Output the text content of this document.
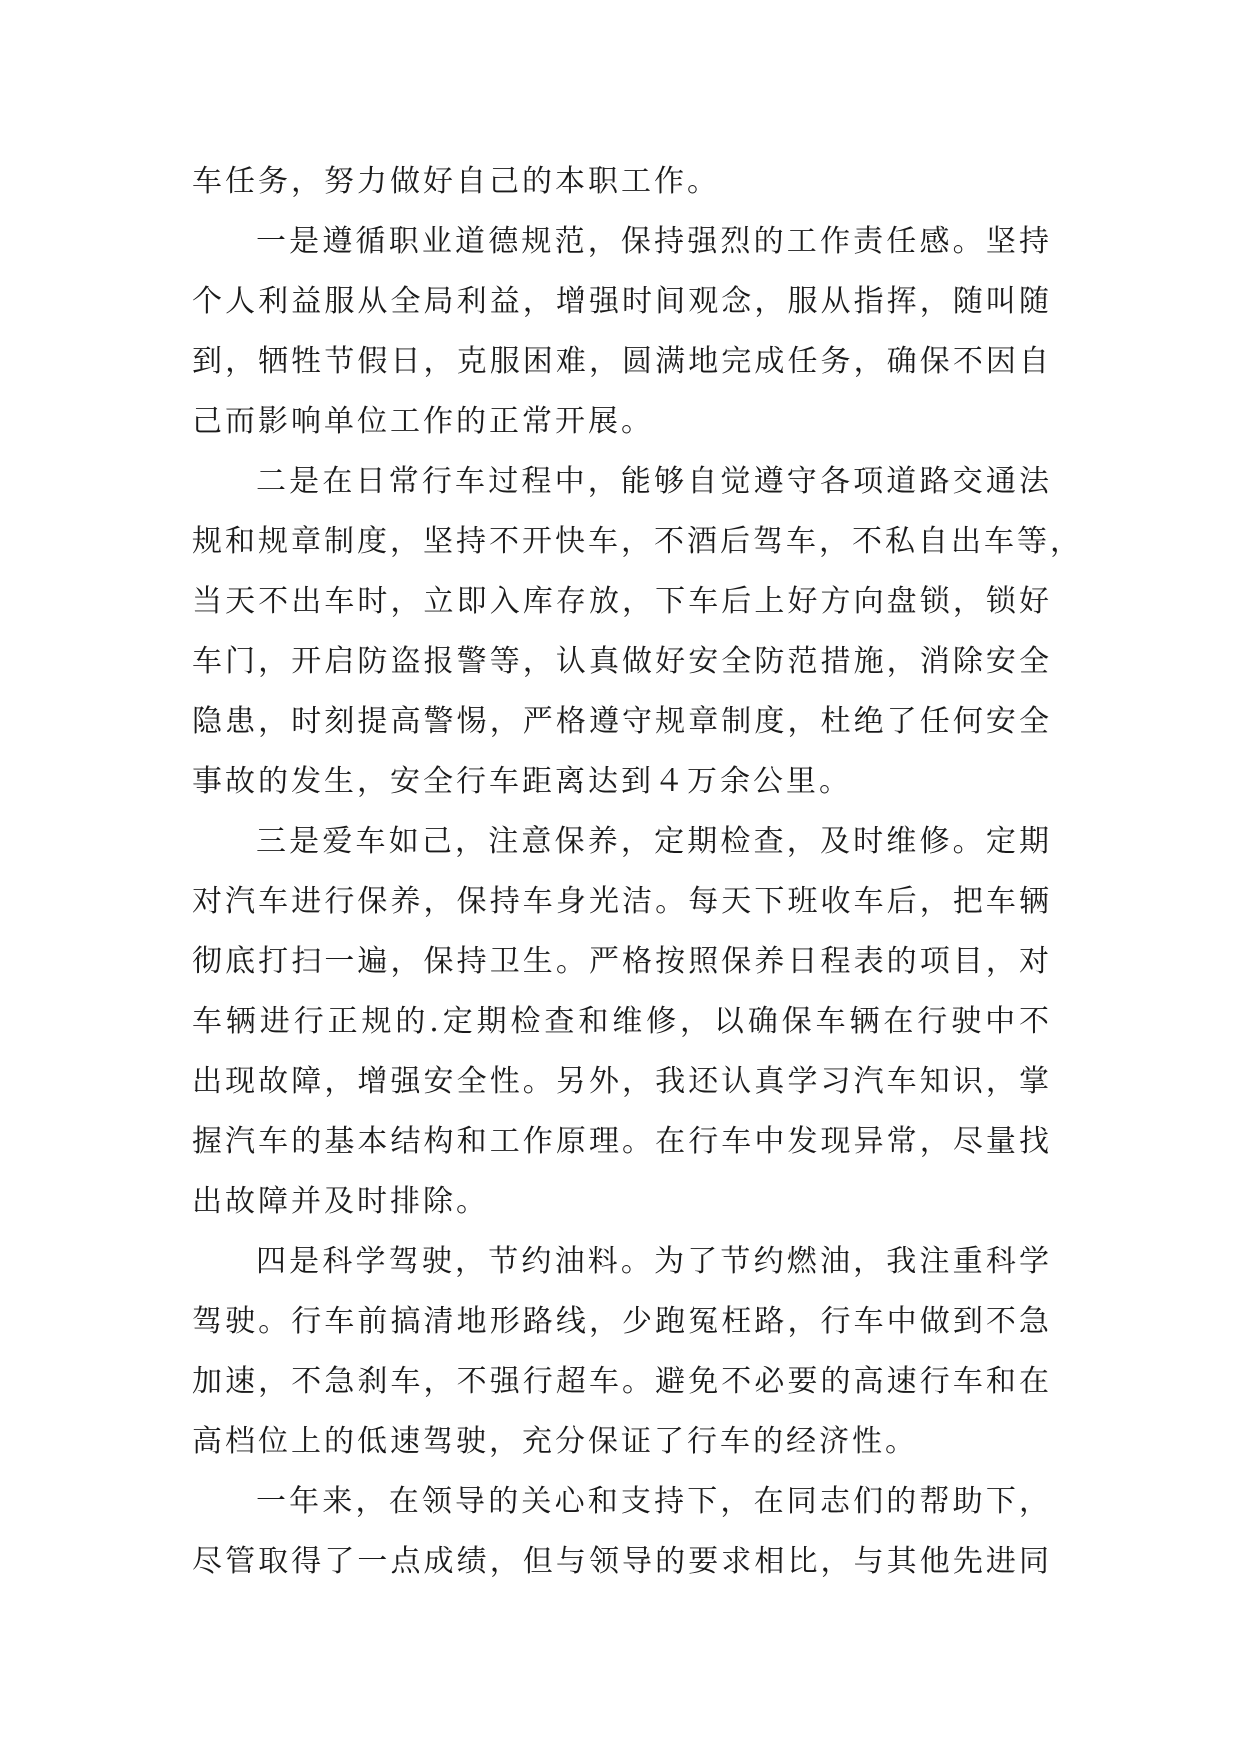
车任务，努力做好自己的本职工作。
一是遵循职业道德规范，保持强烈的工作责任感。坚持
个人利益服从全局利益，增强时间观念，服从指挥，随叫随
到，牺牲节假日，克服困难，圆满地完成任务，确保不因自
己而影响单位工作的正常开展。
二是在日常行车过程中，能够自觉遵守各项道路交通法
规和规章制度，坚持不开快车，不酒后驾车，不私自出车等，
当天不出车时，立即入库存放，下车后上好方向盘锁，锁好
车门，开启防盗报警等，认真做好安全防范措施，消除安全
隐患，时刻提高警惕，严格遵守规章制度，杜绝了任何安全
事故的发生，安全行车距离达到４万余公里。
三是爱车如己，注意保养，定期检查，及时维修。定期
对汽车进行保养，保持车身光洁。每天下班收车后，把车辆
彻底打扫一遍，保持卫生。严格按照保养日程表的项目，对
车辆进行正规的.定期检查和维修，以确保车辆在行驶中不
出现故障，增强安全性。另外，我还认真学习汽车知识，掌
握汽车的基本结构和工作原理。在行车中发现异常，尽量找
出故障并及时排除。
四是科学驾驶，节约油料。为了节约燃油，我注重科学
驾驶。行车前搞清地形路线，少跑冤枉路，行车中做到不急
加速，不急刹车，不强行超车。避免不必要的高速行车和在
高档位上的低速驾驶，充分保证了行车的经济性。
一年来，在领导的关心和支持下，在同志们的帮助下，
尽管取得了一点成绩，但与领导的要求相比，与其他先进同
